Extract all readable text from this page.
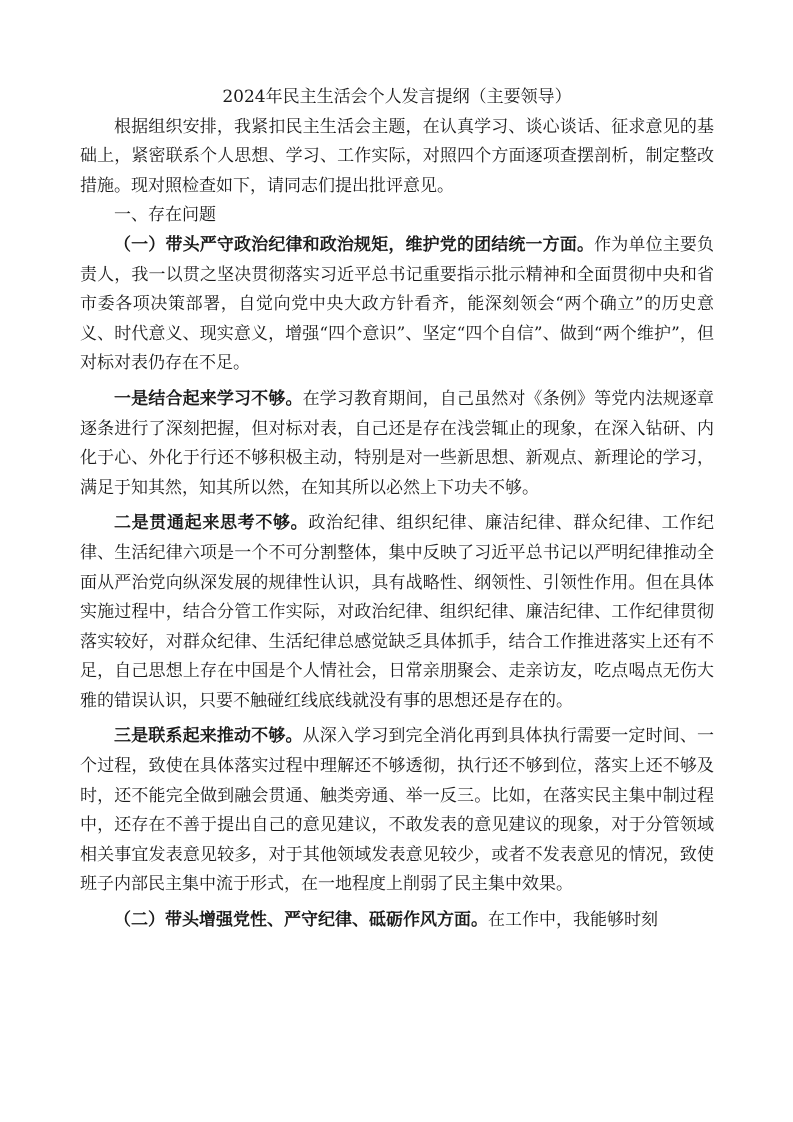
2024年民主生活会个人发言提纲（主要领导）

根据组织安排，我紧扣民主生活会主题，在认真学习、谈心谈话、征求意见的基础上，紧密联系个人思想、学习、工作实际，对照四个方面逐项查摆剖析，制定整改措施。现对照检查如下，请同志们提出批评意见。

一、存在问题

（一）带头严守政治纪律和政治规矩，维护党的团结统一方面。作为单位主要负责人，我一以贯之坚决贯彻落实习近平总书记重要指示批示精神和全面贯彻中央和省市委各项决策部署，自觉向党中央大政方针看齐，能深刻领会“两个确立”的历史意义、时代意义、现实意义，增强“四个意识”、坚定“四个自信”、做到“两个维护”，但对标对表仍存在不足。

一是结合起来学习不够。在学习教育期间，自己虽然对《条例》等党内法规逐章逐条进行了深刻把握，但对标对表，自己还是存在浅尝辄止的现象，在深入钻研、内化于心、外化于行还不够积极主动，特别是对一些新思想、新观点、新理论的学习，满足于知其然，知其所以然，在知其所以必然上下功夫不够。

二是贯通起来思考不够。政治纪律、组织纪律、廉洁纪律、群众纪律、工作纪律、生活纪律六项是一个不可分割整体，集中反映了习近平总书记以严明纪律推动全面从严治党向纵深发展的规律性认识，具有战略性、纲领性、引领性作用。但在具体实施过程中，结合分管工作实际，对政治纪律、组织纪律、廉洁纪律、工作纪律贯彻落实较好，对群众纪律、生活纪律总感觉缺乏具体抓手，结合工作推进落实上还有不足，自己思想上存在中国是个人情社会，日常亲朋聚会、走亲访友，吃点喝点无伤大雅的错误认识，只要不触碰红线底线就没有事的思想还是存在的。

三是联系起来推动不够。从深入学习到完全消化再到具体执行需要一定时间、一个过程，致使在具体落实过程中理解还不够透彻，执行还不够到位，落实上还不够及时，还不能完全做到融会贯通、触类旁通、举一反三。比如，在落实民主集中制过程中，还存在不善于提出自己的意见建议，不敢发表的意见建议的现象，对于分管领域相关事宜发表意见较多，对于其他领域发表意见较少，或者不发表意见的情况，致使班子内部民主集中流于形式，在一地程度上削弱了民主集中效果。

（二）带头增强党性、严守纪律、砥砺作风方面。在工作中，我能够时刻
